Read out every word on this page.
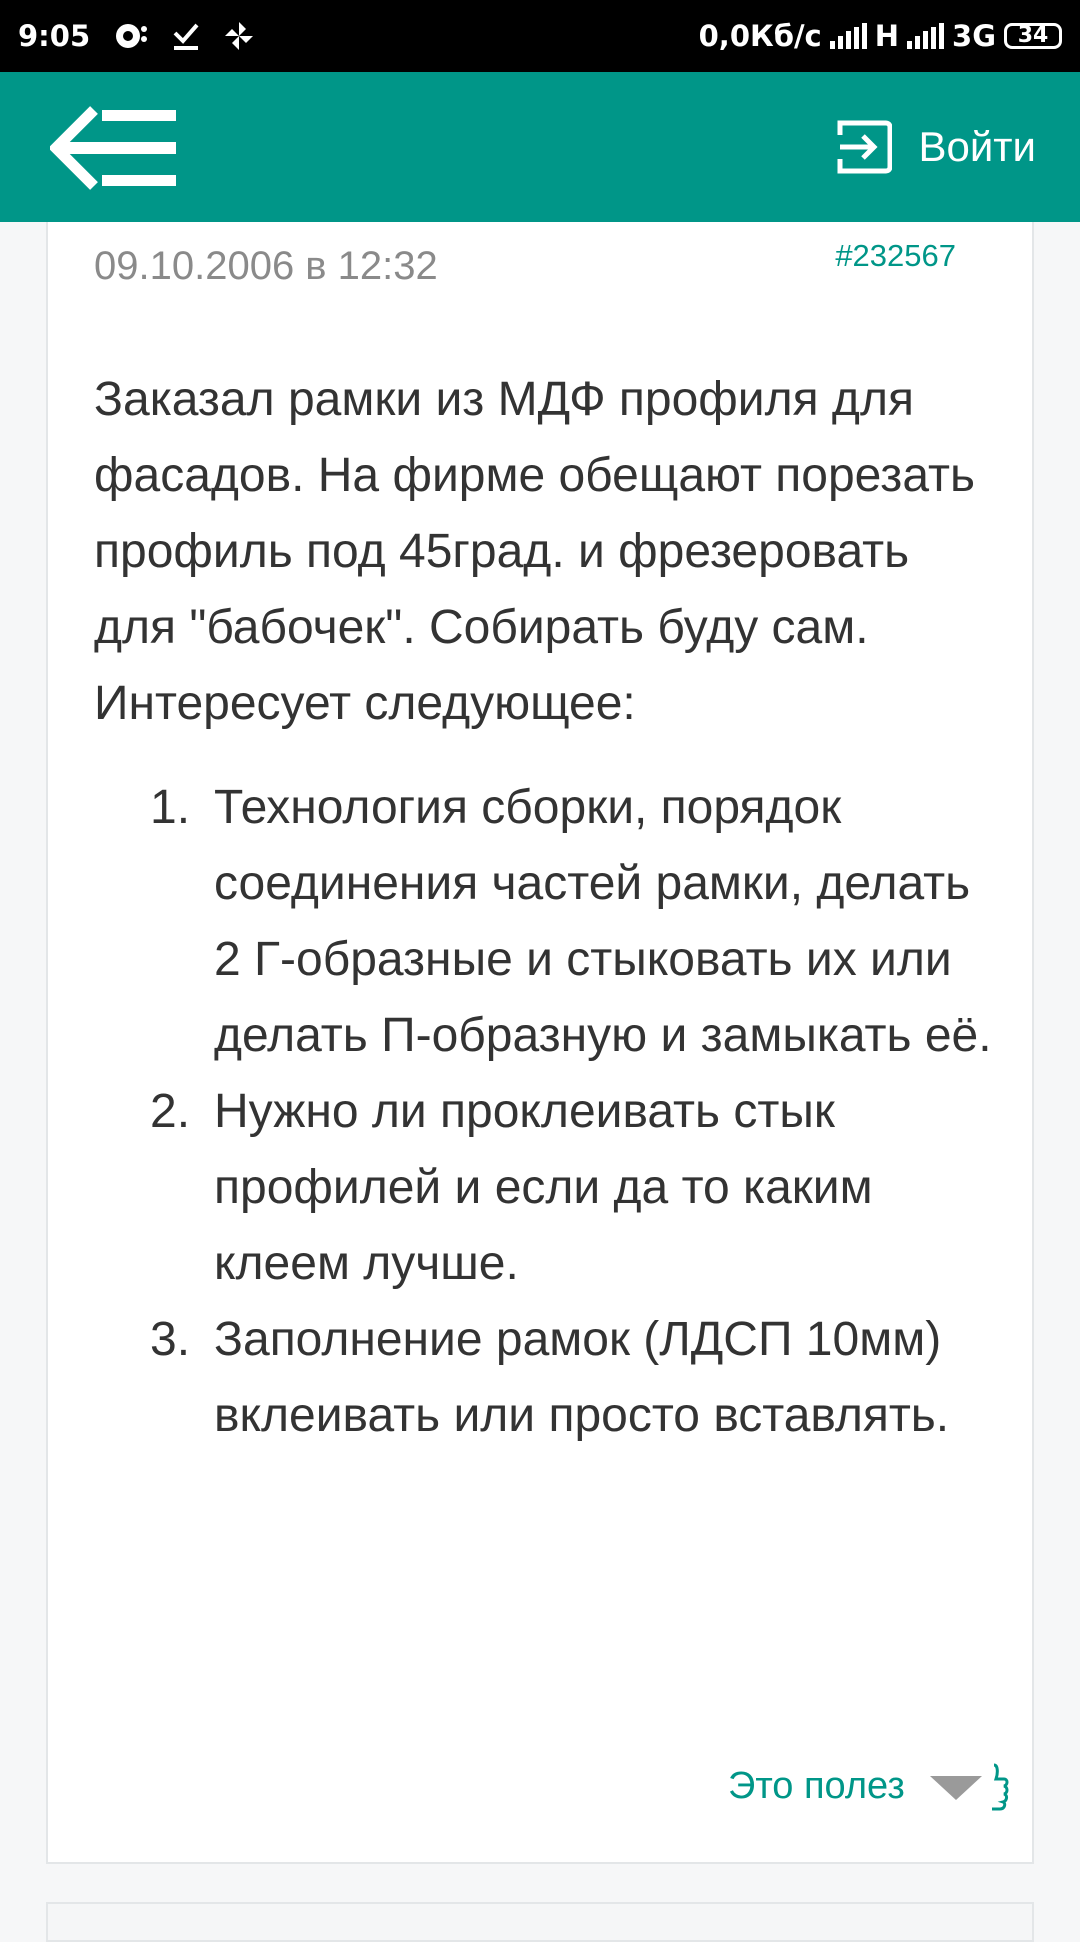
9:05	0,0Кб/с H 3G 34
Войти
09.10.2006 в 12:32	#232567

Заказал рамки из МДФ профиля для фасадов. На фирме обещают порезать профиль под 45град. и фрезеровать для "бабочек". Собирать буду сам. Интересует следующее:

1. Технология сборки, порядок соединения частей рамки, делать 2 Г-образные и стыковать их или делать П-образную и замыкать её.
2. Нужно ли проклеивать стык профилей и если да то каким клеем лучше.
3. Заполнение рамок (ЛДСП 10мм) вклеивать или просто вставлять.
Это полез
